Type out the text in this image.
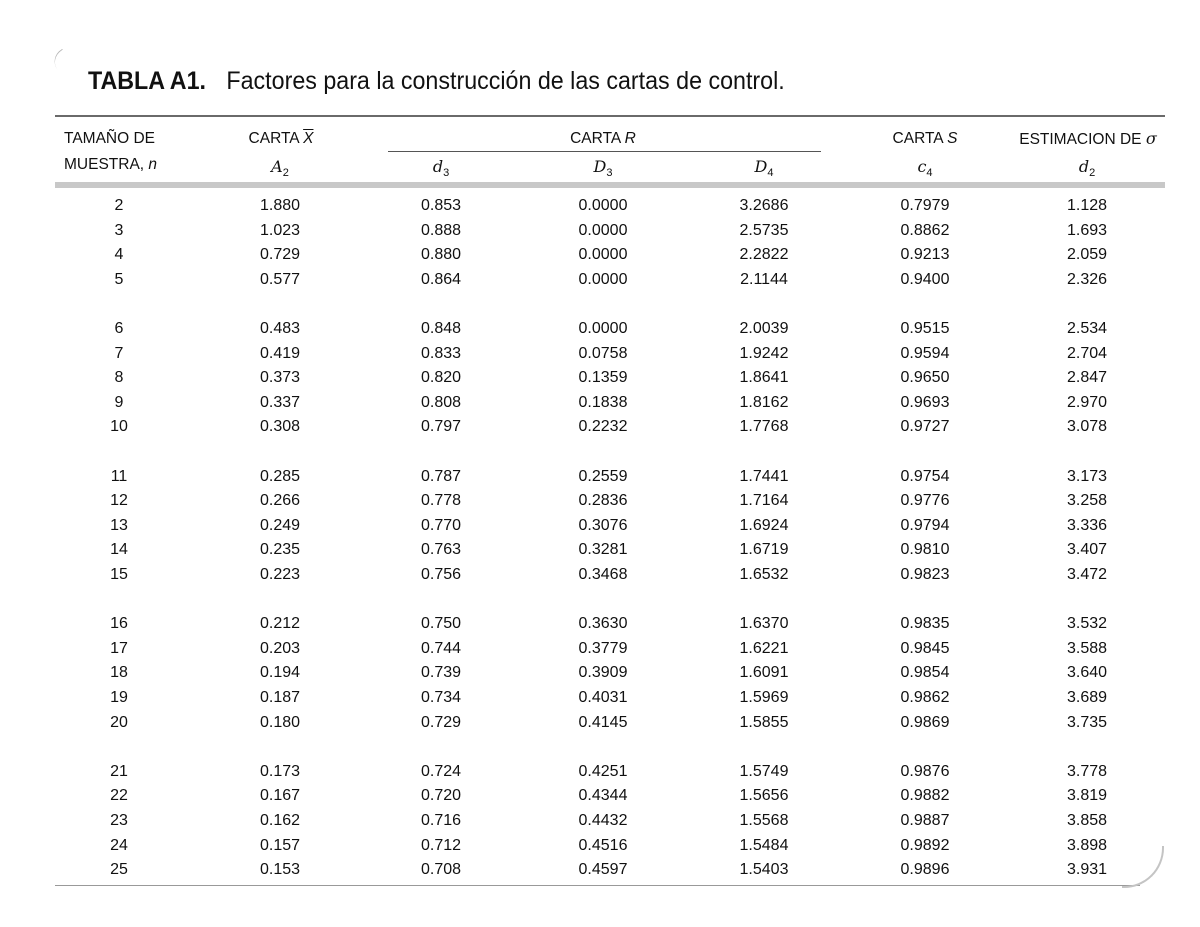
TABLA A1. Factores para la construcción de las cartas de control.
TAMAÑO DE	CARTA $\overline{X}$	CARTA R	CARTA S	ESTIMACION DE σ
MUESTRA, n	$A_2$	$d_3$	$D_3$	$D_4$	$c_4$	$d_2$
2	1.880	0.853	0.0000	3.2686	0.7979	1.128
3	1.023	0.888	0.0000	2.5735	0.8862	1.693
4	0.729	0.880	0.0000	2.2822	0.9213	2.059
5	0.577	0.864	0.0000	2.1144	0.9400	2.326
6	0.483	0.848	0.0000	2.0039	0.9515	2.534
7	0.419	0.833	0.0758	1.9242	0.9594	2.704
8	0.373	0.820	0.1359	1.8641	0.9650	2.847
9	0.337	0.808	0.1838	1.8162	0.9693	2.970
10	0.308	0.797	0.2232	1.7768	0.9727	3.078
11	0.285	0.787	0.2559	1.7441	0.9754	3.173
12	0.266	0.778	0.2836	1.7164	0.9776	3.258
13	0.249	0.770	0.3076	1.6924	0.9794	3.336
14	0.235	0.763	0.3281	1.6719	0.9810	3.407
15	0.223	0.756	0.3468	1.6532	0.9823	3.472
16	0.212	0.750	0.3630	1.6370	0.9835	3.532
17	0.203	0.744	0.3779	1.6221	0.9845	3.588
18	0.194	0.739	0.3909	1.6091	0.9854	3.640
19	0.187	0.734	0.4031	1.5969	0.9862	3.689
20	0.180	0.729	0.4145	1.5855	0.9869	3.735
21	0.173	0.724	0.4251	1.5749	0.9876	3.778
22	0.167	0.720	0.4344	1.5656	0.9882	3.819
23	0.162	0.716	0.4432	1.5568	0.9887	3.858
24	0.157	0.712	0.4516	1.5484	0.9892	3.898
25	0.153	0.708	0.4597	1.5403	0.9896	3.931
